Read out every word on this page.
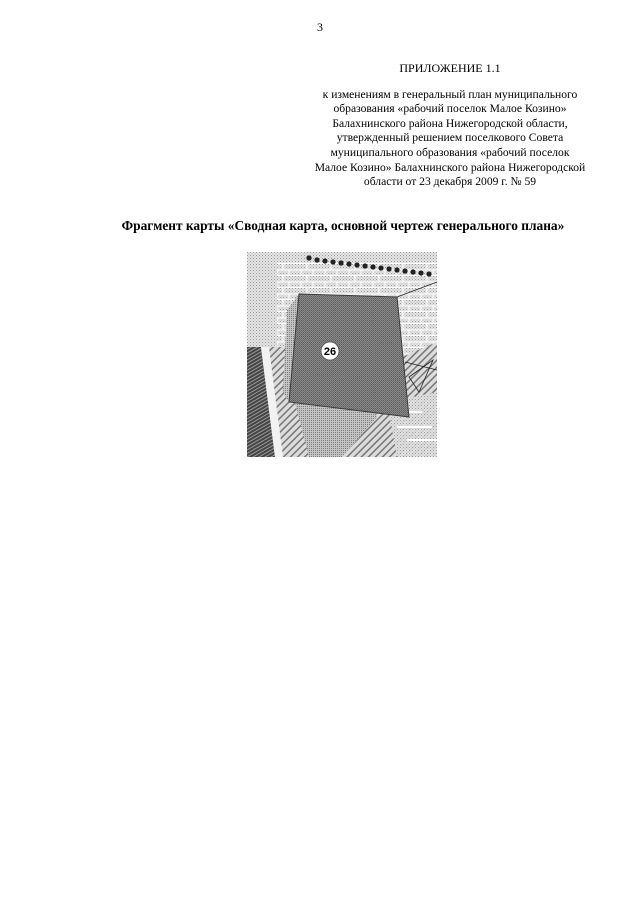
3
ПРИЛОЖЕНИЕ 1.1
к изменениям в генеральный план муниципального
образования «рабочий поселок Малое Козино»
Балахнинского района Нижегородской области,
утвержденный решением поселкового Совета
муниципального образования «рабочий поселок
Малое Козино» Балахнинского района Нижегородской
области от 23 декабря 2009 г. № 59
Фрагмент карты «Сводная карта, основной чертеж генерального плана»
26
